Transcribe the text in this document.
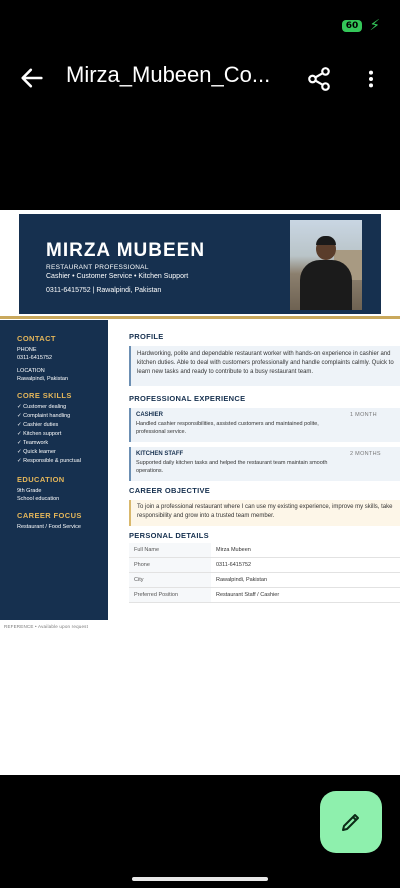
60 ⚡
Mirza_Mubeen_Co...
MIRZA MUBEEN
RESTAURANT PROFESSIONAL
Cashier • Customer Service • Kitchen Support
0311-6415752 | Rawalpindi, Pakistan
CONTACT
PHONE
0311-6415752
LOCATION
Rawalpindi, Pakistan
CORE SKILLS
✓ Customer dealing
✓ Complaint handling
✓ Cashier duties
✓ Kitchen support
✓ Teamwork
✓ Quick learner
✓ Responsible & punctual
EDUCATION
9th Grade
School education
CAREER FOCUS
Restaurant / Food Service
PROFILE
Hardworking, polite and dependable restaurant worker with hands-on experience in cashier and kitchen duties. Able to deal with customers professionally and handle complaints calmly. Quick to learn new tasks and ready to contribute to a busy restaurant team.
PROFESSIONAL EXPERIENCE
CASHIER
Handled cashier responsibilities, assisted customers and maintained polite, professional service.
1 MONTH
KITCHEN STAFF
Supported daily kitchen tasks and helped the restaurant team maintain smooth operations.
2 MONTHS
CAREER OBJECTIVE
To join a professional restaurant where I can use my existing experience, improve my skills, take responsibility and grow into a trusted team member.
PERSONAL DETAILS
Full Name	Mirza Mubeen
Phone	0311-6415752
City	Rawalpindi, Pakistan
Preferred Position	Restaurant Staff / Cashier
REFERENCE • Available upon request
